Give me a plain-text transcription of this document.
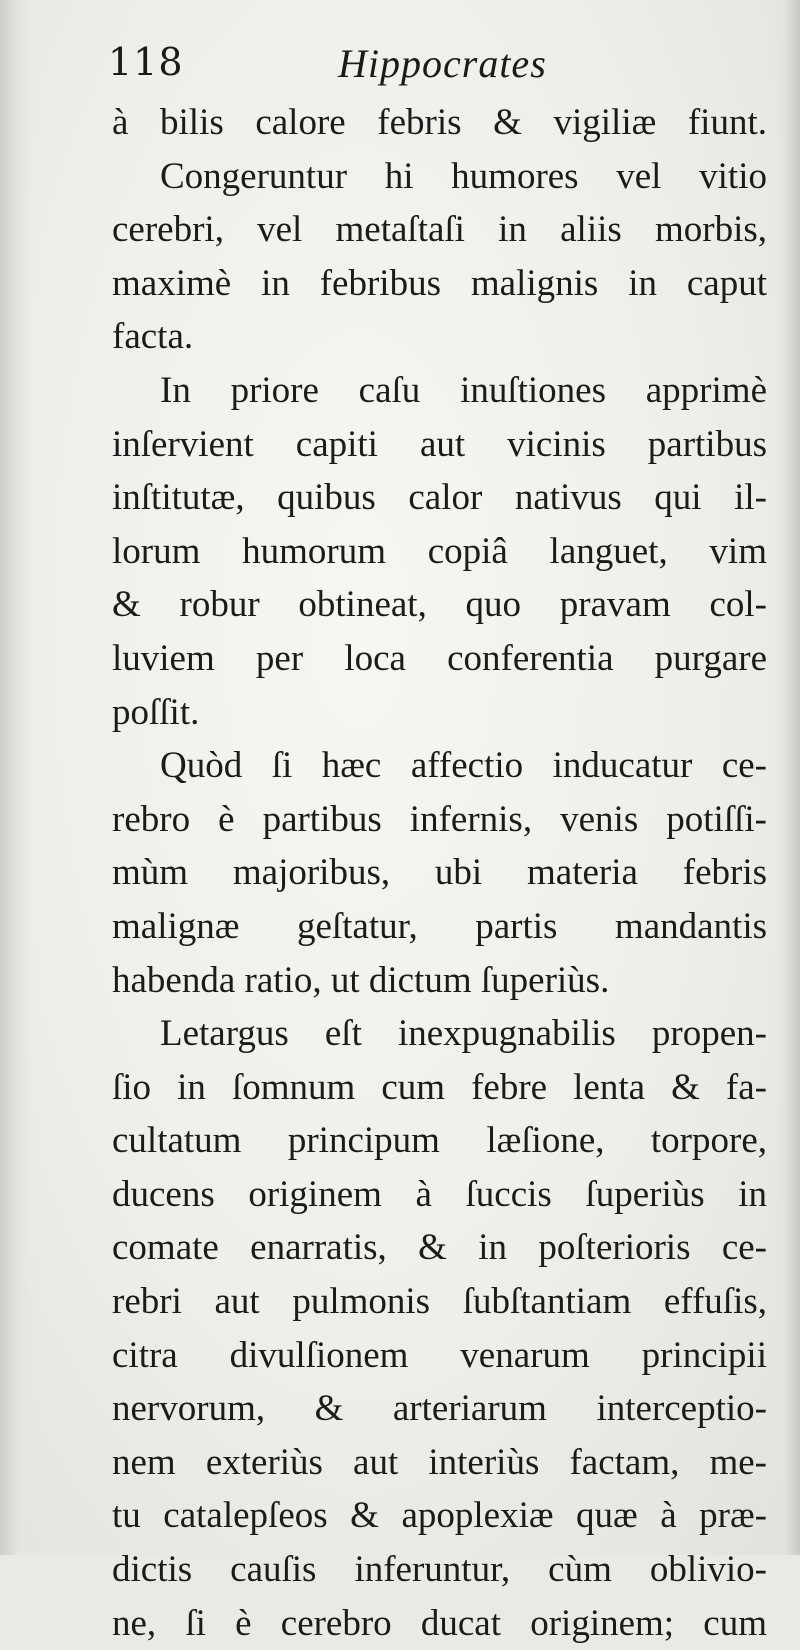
118	Hippocrates
à bilis calore febris & vigiliæ fiunt.
Congeruntur hi humores vel vitio
cerebri, vel metaſtaſi in aliis morbis,
maximè in febribus malignis in caput
facta.
In priore caſu inuſtiones apprimè
inſervient capiti aut vicinis partibus
inſtitutæ, quibus calor nativus qui il-
lorum humorum copiâ languet, vim
& robur obtineat, quo pravam col-
luviem per loca conferentia purgare
poſſit.
Quòd ſi hæc affectio inducatur ce-
rebro è partibus infernis, venis potiſſi-
mùm majoribus, ubi materia febris
malignæ geſtatur, partis mandantis
habenda ratio, ut dictum ſuperiùs.
Letargus eſt inexpugnabilis propen-
ſio in ſomnum cum febre lenta & fa-
cultatum principum læſione, torpore,
ducens originem à ſuccis ſuperiùs in
comate enarratis, & in poſterioris ce-
rebri aut pulmonis ſubſtantiam effuſis,
citra divulſionem venarum principii
nervorum, & arteriarum interceptio-
nem exteriùs aut interiùs factam, me-
tu catalepſeos & apoplexiæ quæ à præ-
dictis cauſis inferuntur, cùm oblivio-
ne, ſi è cerebro ducat originem; cum
